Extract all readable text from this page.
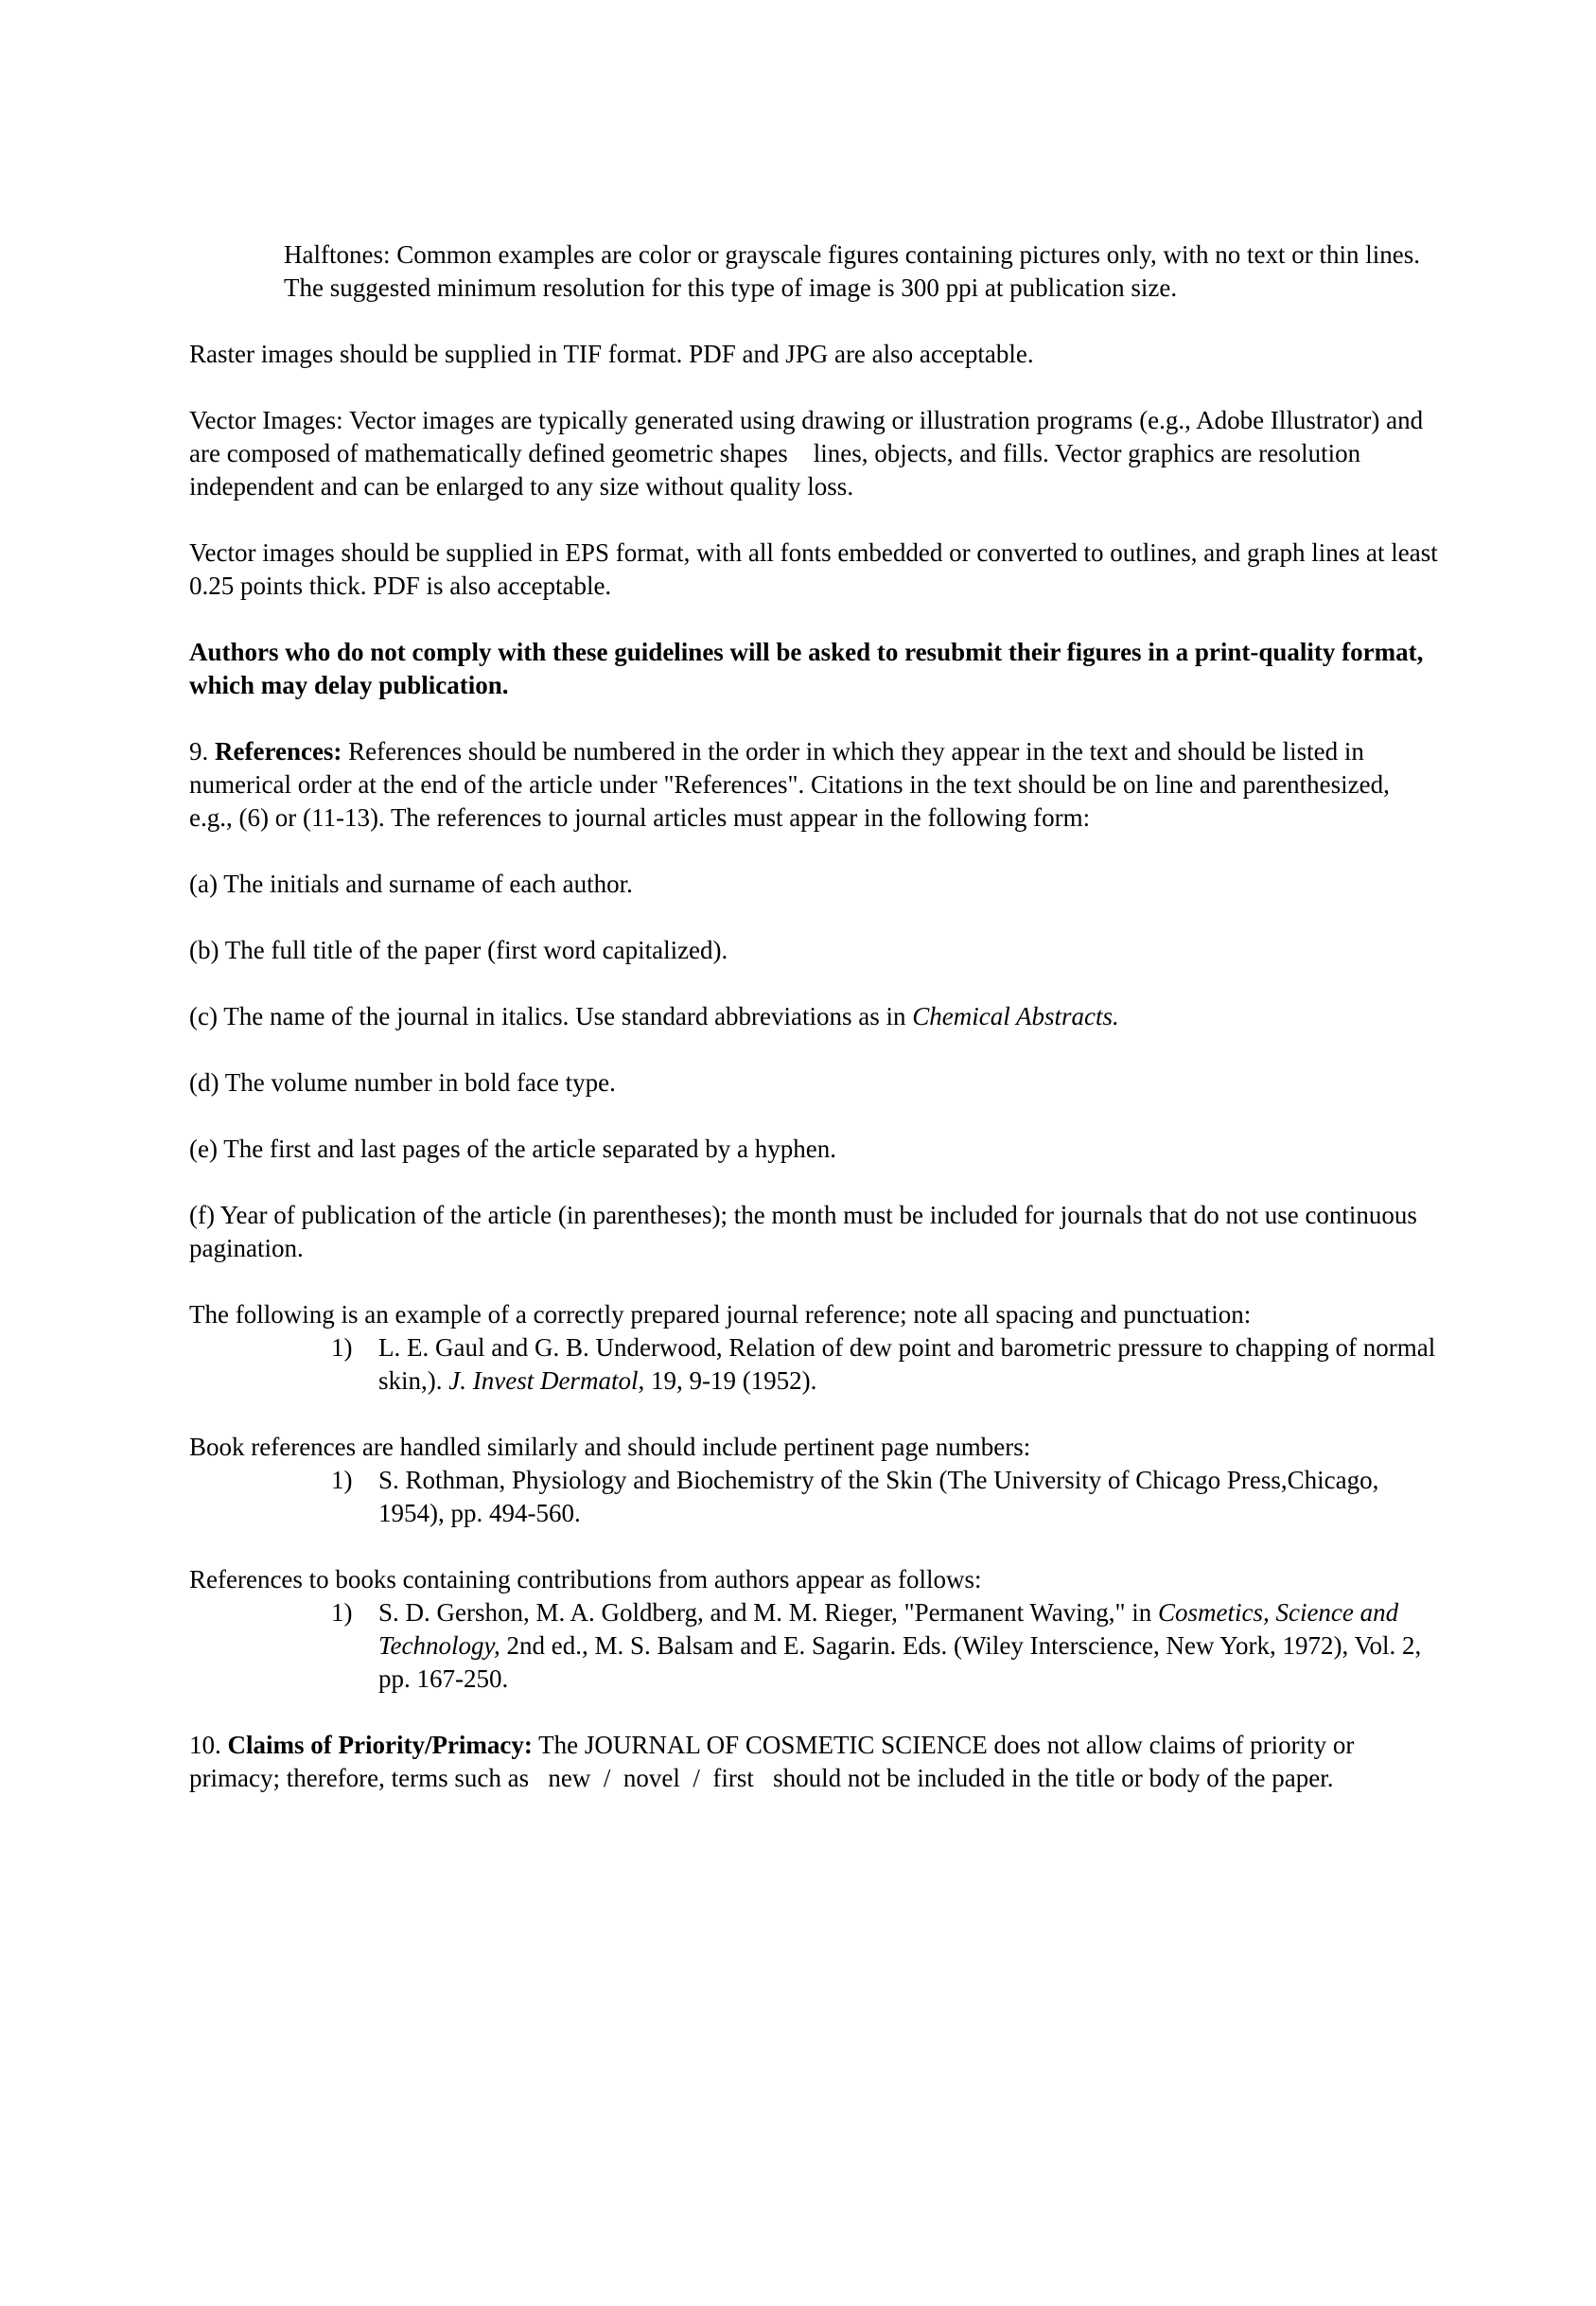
Halftones: Common examples are color or grayscale figures containing pictures only, with no text or thin lines. The suggested minimum resolution for this type of image is 300 ppi at publication size.

Raster images should be supplied in TIF format. PDF and JPG are also acceptable.

Vector Images: Vector images are typically generated using drawing or illustration programs (e.g., Adobe Illustrator) and are composed of mathematically defined geometric shapes    lines, objects, and fills. Vector graphics are resolution independent and can be enlarged to any size without quality loss.

Vector images should be supplied in EPS format, with all fonts embedded or converted to outlines, and graph lines at least 0.25 points thick. PDF is also acceptable.

Authors who do not comply with these guidelines will be asked to resubmit their figures in a print-quality format, which may delay publication.

9. References: References should be numbered in the order in which they appear in the text and should be listed in numerical order at the end of the article under "References". Citations in the text should be on line and parenthesized, e.g., (6) or (11-13). The references to journal articles must appear in the following form:

(a) The initials and surname of each author.

(b) The full title of the paper (first word capitalized).

(c) The name of the journal in italics. Use standard abbreviations as in Chemical Abstracts.

(d) The volume number in bold face type.

(e) The first and last pages of the article separated by a hyphen.

(f) Year of publication of the article (in parentheses); the month must be included for journals that do not use continuous pagination.

The following is an example of a correctly prepared journal reference; note all spacing and punctuation:

1)	L. E. Gaul and G. B. Underwood, Relation of dew point and barometric pressure to chapping of normal skin,). J. Invest Dermatol, 19, 9-19 (1952).

Book references are handled similarly and should include pertinent page numbers:

1)	S. Rothman, Physiology and Biochemistry of the Skin (The University of Chicago Press,Chicago, 1954), pp. 494-560.

References to books containing contributions from authors appear as follows:

1)	S. D. Gershon, M. A. Goldberg, and M. M. Rieger, "Permanent Waving," in Cosmetics, Science and Technology, 2nd ed., M. S. Balsam and E. Sagarin. Eds. (Wiley Interscience, New York, 1972), Vol. 2, pp. 167-250.

10. Claims of Priority/Primacy: The JOURNAL OF COSMETIC SCIENCE does not allow claims of priority or primacy; therefore, terms such as   new  /  novel  /  first   should not be included in the title or body of the paper.
